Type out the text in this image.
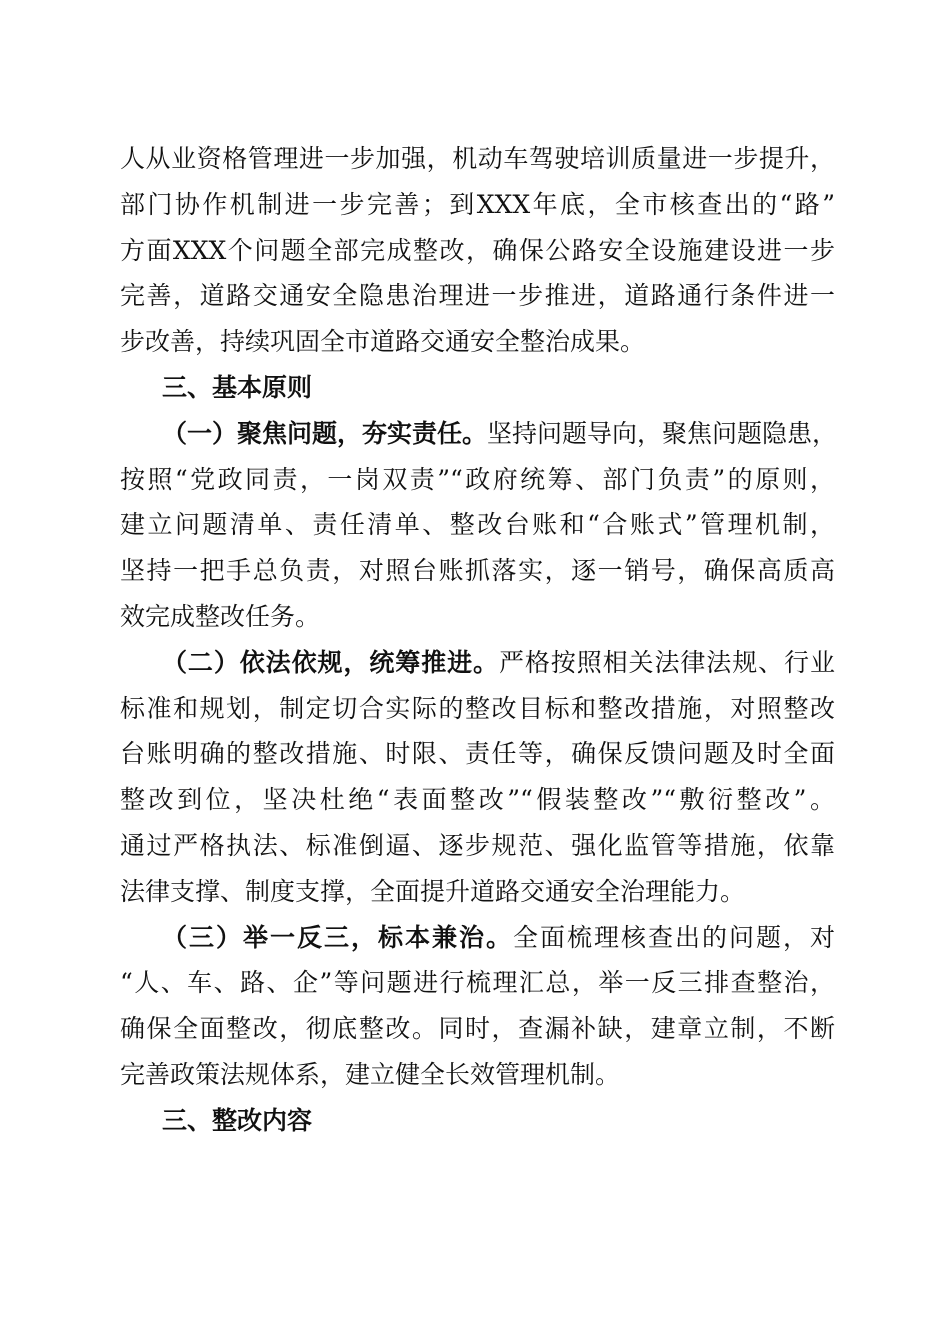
人从业资格管理进一步加强，机动车驾驶培训质量进一步提升，
部门协作机制进一步完善；到XXX年底，全市核查出的“路”
方面XXX个问题全部完成整改，确保公路安全设施建设进一步
完善，道路交通安全隐患治理进一步推进，道路通行条件进一
步改善，持续巩固全市道路交通安全整治成果。
三、基本原则
（一）聚焦问题，夯实责任。坚持问题导向，聚焦问题隐患，
按照“党政同责，一岗双责”“政府统筹、部门负责”的原则，
建立问题清单、责任清单、整改台账和“合账式”管理机制，
坚持一把手总负责，对照台账抓落实，逐一销号，确保高质高
效完成整改任务。
（二）依法依规，统筹推进。严格按照相关法律法规、行业
标准和规划，制定切合实际的整改目标和整改措施，对照整改
台账明确的整改措施、时限、责任等，确保反馈问题及时全面
整改到位，坚决杜绝“表面整改”“假装整改”“敷衍整改”。
通过严格执法、标准倒逼、逐步规范、强化监管等措施，依靠
法律支撑、制度支撑，全面提升道路交通安全治理能力。
（三）举一反三，标本兼治。全面梳理核查出的问题，对
“人、车、路、企”等问题进行梳理汇总，举一反三排查整治，
确保全面整改，彻底整改。同时，查漏补缺，建章立制，不断
完善政策法规体系，建立健全长效管理机制。
三、整改内容
